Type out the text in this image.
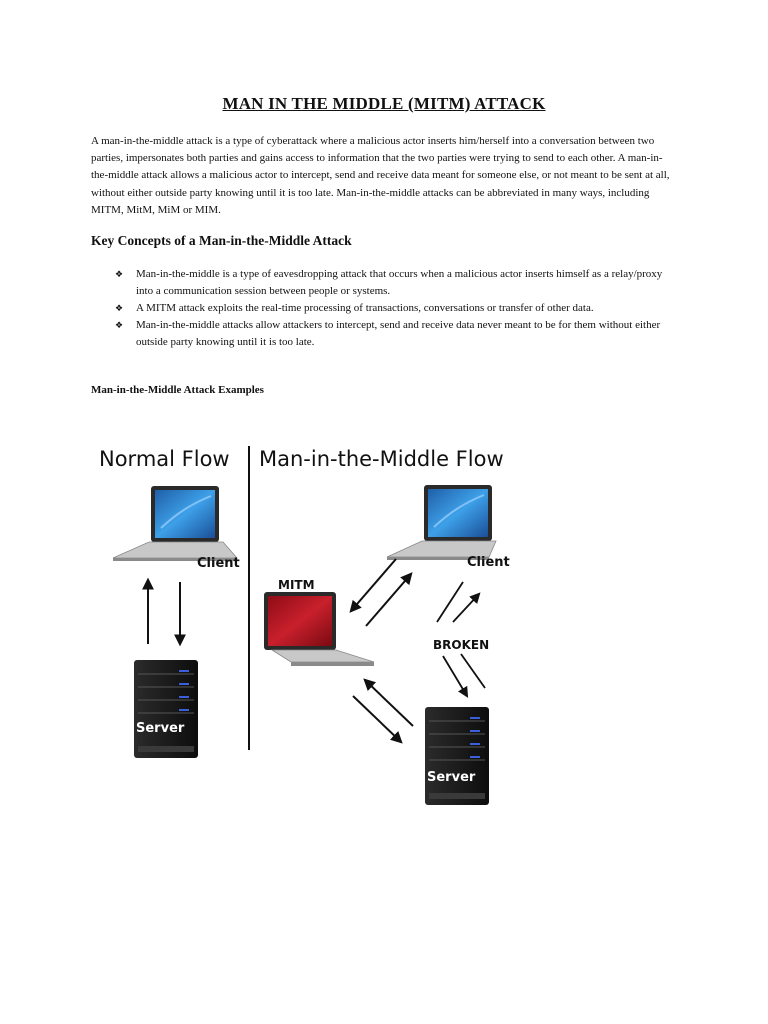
MAN IN THE MIDDLE (MITM) ATTACK

A man-in-the-middle attack is a type of cyberattack where a malicious actor inserts him/herself into a conversation between two parties, impersonates both parties and gains access to information that the two parties were trying to send to each other. A man-in-the-middle attack allows a malicious actor to intercept, send and receive data meant for someone else, or not meant to be sent at all, without either outside party knowing until it is too late. Man-in-the-middle attacks can be abbreviated in many ways, including MITM, MitM, MiM or MIM.

Key Concepts of a Man-in-the-Middle Attack
❖ Man-in-the-middle is a type of eavesdropping attack that occurs when a malicious actor inserts himself as a relay/proxy into a communication session between people or systems.
❖ A MITM attack exploits the real-time processing of transactions, conversations or transfer of other data.
❖ Man-in-the-middle attacks allow attackers to intercept, send and receive data never meant to be for them without either outside party knowing until it is too late.
Man-in-the-Middle Attack Examples
Normal Flow Man-in-the-Middle Flow
Client
Server
Client
MITM
BROKEN
Server
